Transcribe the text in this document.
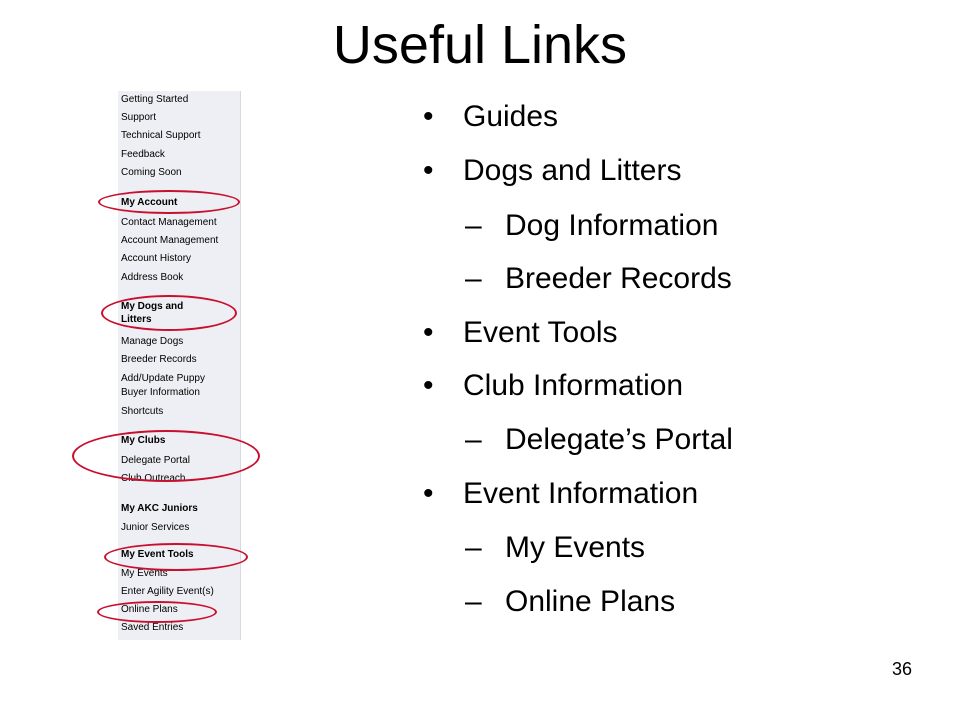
Useful Links
Getting Started
Support
Technical Support
Feedback
Coming Soon
My Account
Contact Management
Account Management
Account History
Address Book
My Dogs and Litters
Manage Dogs
Breeder Records
Add/Update Puppy Buyer Information
Shortcuts
My Clubs
Delegate Portal
Club Outreach
My AKC Juniors
Junior Services
My Event Tools
My Events
Enter Agility Event(s)
Online Plans
Saved Entries
• Guides
• Dogs and Litters
– Dog Information
– Breeder Records
• Event Tools
• Club Information
– Delegate’s Portal
• Event Information
– My Events
– Online Plans
36
